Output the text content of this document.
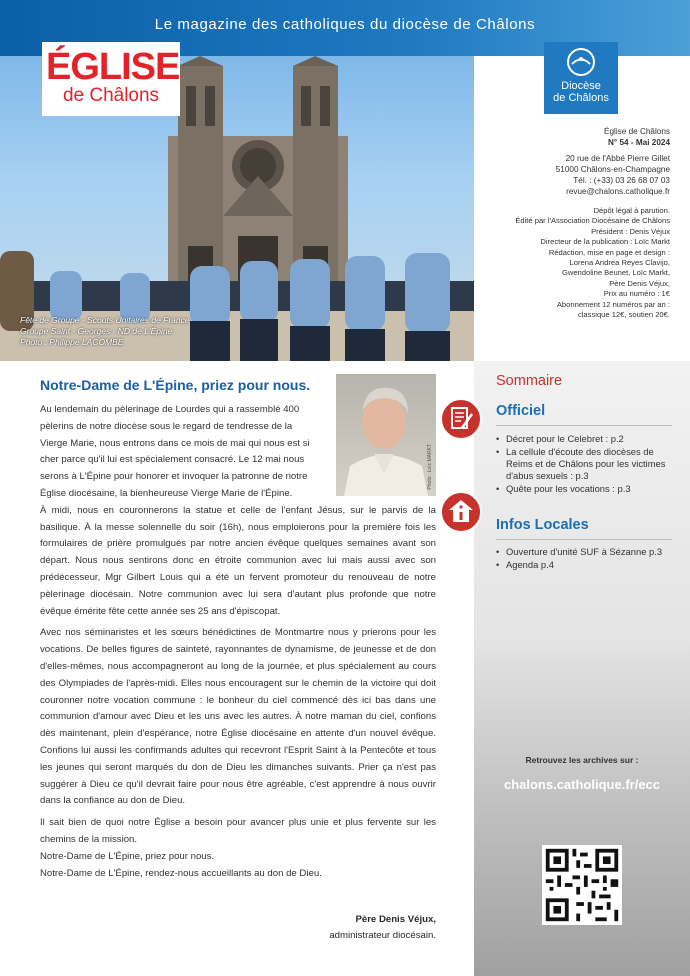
Le magazine des catholiques du diocèse de Châlons
Fête de Groupe - Scouts Unitaires de France
Groupe Saint - Georges - ND de L'Épine
Photo : Philippe LACOMBE
ÉGLISE
de Châlons	Diocèse
de Châlons
Église de Châlons
N° 54 - Mai 2024
20 rue de l'Abbé Pierre Gillet
51000 Châlons-en-Champagne
Tél. : (+33) 03 26 68 07 03
revue@chalons.catholique.fr
Dépôt légal à parution.
Édité par l'Association Diocésaine de Châlons
Président : Denis Véjux
Directeur de la publication : Loïc Markt
Rédaction, mise en page et design :
Lorena Andrea Reyes Clavijo,
Gwendoline Beunet, Loïc Markt,
Père Denis Véjux,
Prix au numéro : 1€
Abonnement 12 numéros par an :
classique 12€, soutien 20€.
Notre-Dame de L'Épine, priez pour nous.
Photo : Loïc MARKT
Au lendemain du pèlerinage de Lourdes qui a rassemblé 400
pèlerins de notre diocèse sous le regard de tendresse de la
Vierge Marie, nous entrons dans ce mois de mai qui nous est si
cher parce qu'il lui est spécialement consacré. Le 12 mai nous
serons à L'Épine pour honorer et invoquer la patronne de notre
Église diocésaine, la bienheureuse Vierge Marie de l'Épine.

À midi, nous en couronnerons la statue et celle de l'enfant Jésus, sur le parvis de la basilique. À la messe solennelle du soir (16h), nous emploierons pour la première fois les formulaires de prière promulgués par notre ancien évêque quelques semaines avant son départ. Nous nous sentirons donc en étroite communion avec lui mais aussi avec son prédécesseur, Mgr Gilbert Louis qui a été un fervent promoteur du renouveau de notre pèlerinage diocésain. Notre communion avec lui sera d'autant plus profonde que notre évêque émérite fête cette année ses 25 ans d'épiscopat.

Avec nos séminaristes et les sœurs bénédictines de Montmartre nous y prierons pour les vocations. De belles figures de sainteté, rayonnantes de dynamisme, de jeunesse et de don d'elles-mêmes, nous accompagneront au long de la journée, et plus spécialement au cours des Olympiades de l'après-midi. Elles nous encouragent sur le chemin de la victoire qui doit couronner notre vocation commune : le bonheur du ciel commencé dès ici bas dans une communion d'amour avec Dieu et les uns avec les autres. À notre maman du ciel, confions dès maintenant, plein d'espérance, notre Église diocésaine en attente d'un nouvel évêque. Confions lui aussi les confirmands adultes qui recevront l'Esprit Saint à la Pentecôte et tous les jeunes qui seront marqués du don de Dieu les dimanches suivants. Prier ça n'est pas suggérer à Dieu ce qu'il devrait faire pour nous être agréable, c'est apprendre à nous ouvrir dans la confiance au don de Dieu.

Il sait bien de quoi notre Église a besoin pour avancer plus unie et plus fervente sur les chemins de la mission.

Notre-Dame de L'Épine, priez pour nous.

Notre-Dame de L'Épine, rendez-nous accueillants au don de Dieu.

Père Denis Véjux,
administrateur diocésain.
Sommaire
Officiel
• Décret pour le Celebret : p.2
• La cellule d'écoute des diocèses de Reims et de Châlons pour les victimes d'abus sexuels : p.3
• Quête pour les vocations : p.3
Infos Locales
• Ouverture d'unité SUF à Sézanne p.3
• Agenda p.4
Retrouvez les archives sur :
chalons.catholique.fr/ecc
